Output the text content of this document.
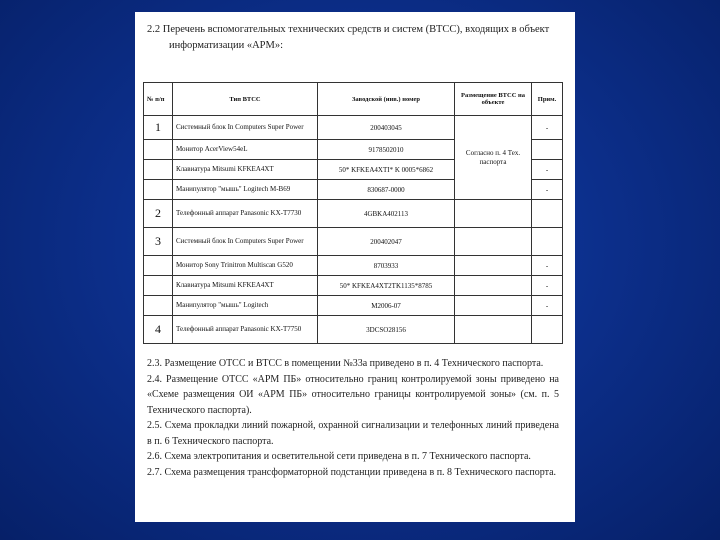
2.2 Перечень вспомогательных технических средств и систем (ВТСС), входящих в объект
информатизации «АРМ»:
№ п/п	Тип ВТСС	Заводской (инв.) номер	Размещение ВТСС на объекте	Прим.
1	Системный блок In Computers Super Power	200403045	Согласно п. 4 Тех. паспорта	-
	Монитор AcerView54eL	9178502010		
	Клавиатура Mitsumi KFKEA4XT	50* KFKEA4XTI* K 0005*6862		-
	Манипулятор "мышь" Logitech M-B69	830687-0000		-
2	Телефонный аппарат Panasonic KX-T7730	4GBKA402113		
3	Системный блок In Computers Super Power	200402047		
	Монитор Sony Trinitron Multiscan G520	8703933		-
	Клавиатура Mitsumi KFKEA4XT	50* KFKEA4XT2TK1135*8785		-
	Манипулятор "мышь" Logitech	M2006-07		-
4	Телефонный аппарат Panasonic KX-T7750	3DCSO28156		

2.3. Размещение ОТСС и ВТСС в помещении №33а приведено в п. 4 Технического паспорта.

2.4. Размещение ОТСС «АРМ ПБ» относительно границ контролируемой зоны приведено на «Схеме размещения ОИ «АРМ ПБ» относительно границы контролируемой зоны» (см. п. 5 Технического паспорта).

2.5. Схема прокладки линий пожарной, охранной сигнализации и телефонных линий приведена в п. 6 Технического паспорта.

2.6. Схема электропитания и осветительной сети приведена в п. 7 Технического паспорта.

2.7. Схема размещения трансформаторной подстанции приведена в п. 8 Технического паспорта.
